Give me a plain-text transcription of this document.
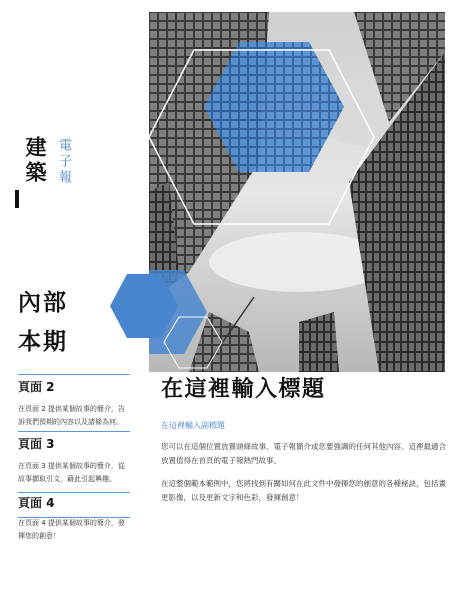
建築 電子報
內部
本期
頁面 2
在頁面 2 提供某個故事的簡介，告訴我們預期的內容以及請條為何。
頁面 3
在頁面 3 提供某個故事的簡介，從故事擷取引文，藉此引起興趣。
頁面 4
在頁面 4 提供某個故事的簡介，發揮您的創意！
在這裡輸入標題
在這裡輸入副標題
您可以在這個位置放置頭條故事、電子報簡介或您要強調的任何其他內容。這裡最適合放置值得在首頁的電子報熱門故事。
在這整個範本範例中，您將找到有關如何在此文件中發揮您的創意的各種秘訣，包括畫更影像，以及更新文字和色彩，發揮創意！
